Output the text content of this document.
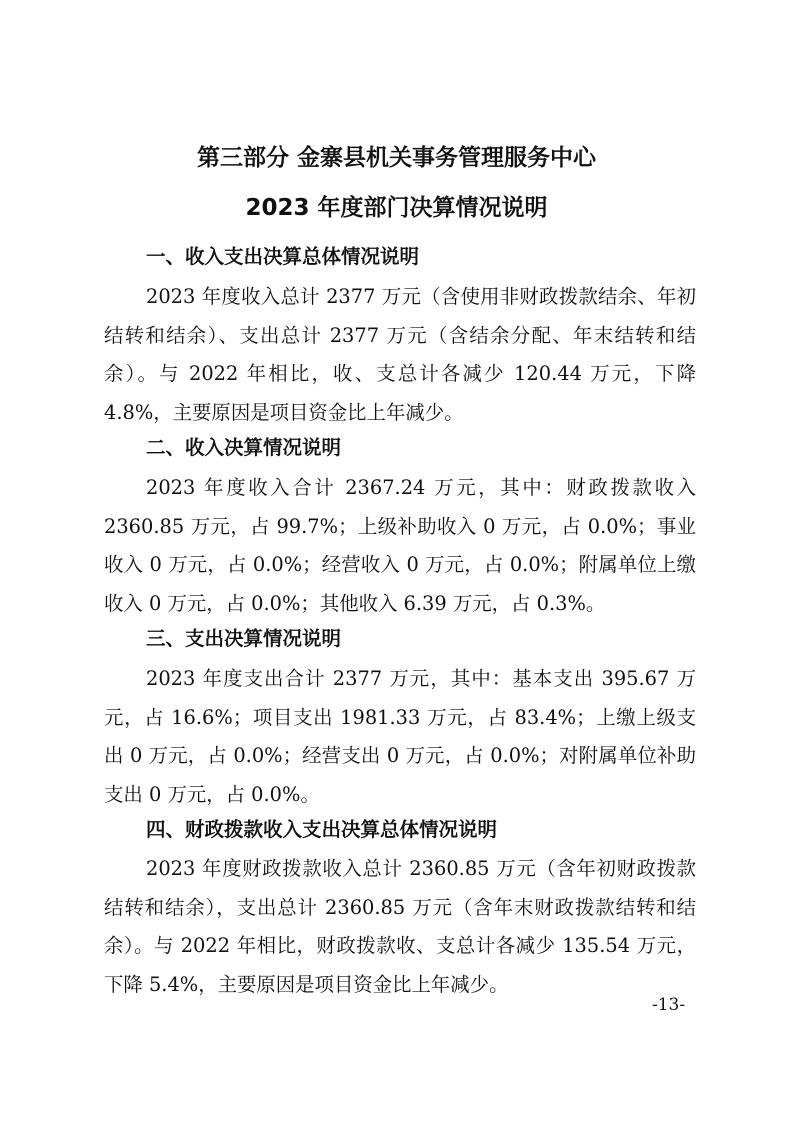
第三部分 金寨县机关事务管理服务中心
2023 年度部门决算情况说明
一、收入支出决算总体情况说明

2023 年度收入总计 2377 万元（含使用非财政拨款结余、年初结转和结余）、支出总计 2377 万元（含结余分配、年末结转和结余）。与 2022 年相比，收、支总计各减少 120.44 万元，下降 4.8%，主要原因是项目资金比上年减少。

二、收入决算情况说明

2023 年度收入合计 2367.24 万元，其中：财政拨款收入 2360.85 万元，占 99.7%；上级补助收入 0 万元，占 0.0%；事业收入 0 万元，占 0.0%；经营收入 0 万元，占 0.0%；附属单位上缴收入 0 万元，占 0.0%；其他收入 6.39 万元，占 0.3%。

三、支出决算情况说明

2023 年度支出合计 2377 万元，其中：基本支出 395.67 万元，占 16.6%；项目支出 1981.33 万元，占 83.4%；上缴上级支出 0 万元，占 0.0%；经营支出 0 万元，占 0.0%；对附属单位补助支出 0 万元，占 0.0%。

四、财政拨款收入支出决算总体情况说明

2023 年度财政拨款收入总计 2360.85 万元（含年初财政拨款结转和结余），支出总计 2360.85 万元（含年末财政拨款结转和结余）。与 2022 年相比，财政拨款收、支总计各减少 135.54 万元，下降 5.4%，主要原因是项目资金比上年减少。

-13-
